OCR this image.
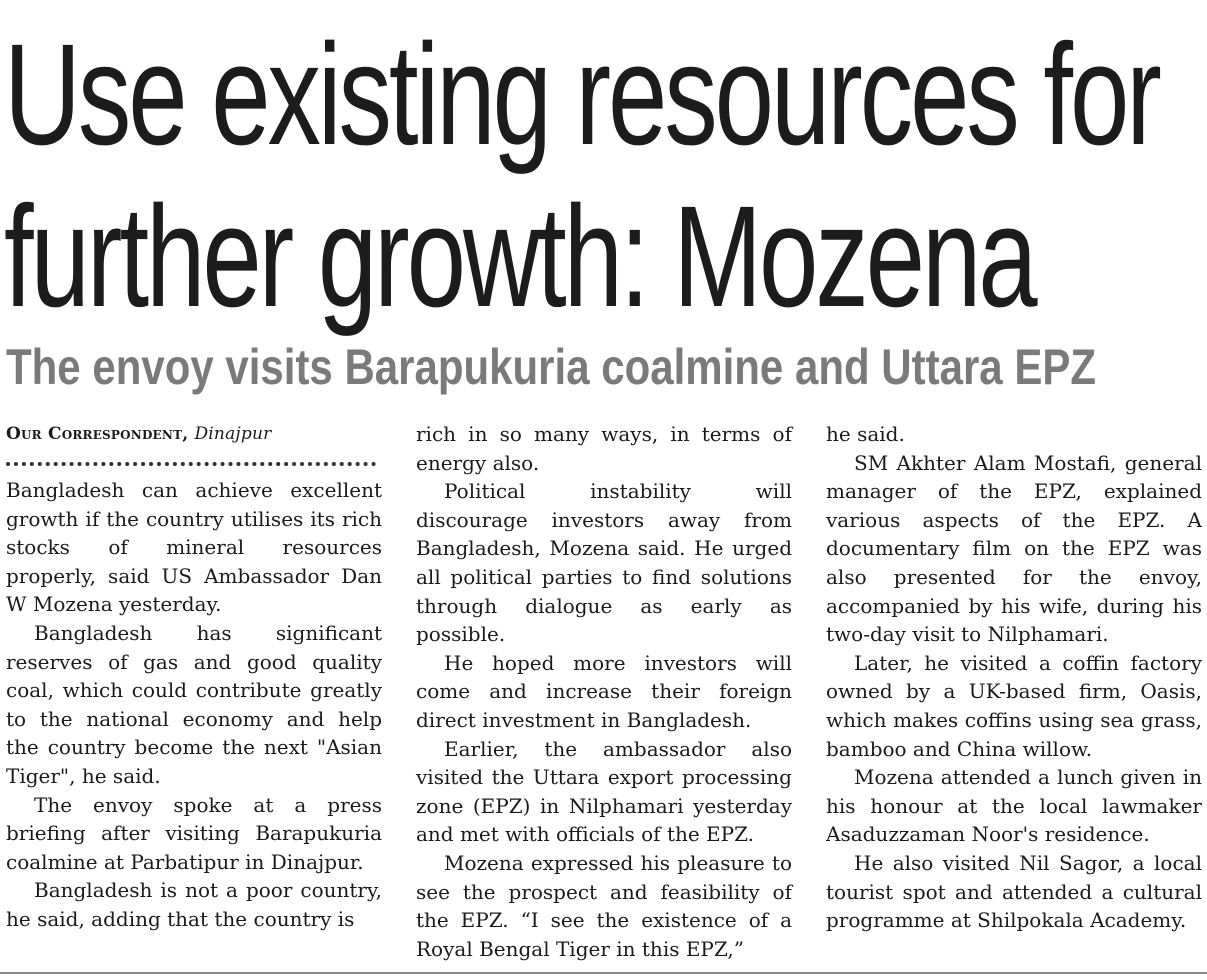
Use existing resources for
further growth: Mozena
The envoy visits Barapukuria coalmine and Uttara EPZ
Our Correspondent, Dinajpur

Bangladesh can achieve excellent growth if the country utilises its rich stocks of mineral resources properly, said US Ambassador Dan W Mozena yesterday.

Bangladesh has significant reserves of gas and good quality coal, which could contribute greatly to the national economy and help the country become the next "Asian Tiger", he said.

The envoy spoke at a press briefing after visiting Barapukuria coalmine at Parbatipur in Dinajpur.

Bangladesh is not a poor country, he said, adding that the country is

rich in so many ways, in terms of energy also.

Political instability will discourage investors away from Bangladesh, Mozena said. He urged all political parties to find solutions through dialogue as early as possible.

He hoped more investors will come and increase their foreign direct investment in Bangladesh.

Earlier, the ambassador also visited the Uttara export processing zone (EPZ) in Nilphamari yesterday and met with officials of the EPZ.

Mozena expressed his pleasure to see the prospect and feasibility of the EPZ. “I see the existence of a Royal Bengal Tiger in this EPZ,”

he said.

SM Akhter Alam Mostafi, general manager of the EPZ, explained various aspects of the EPZ. A documentary film on the EPZ was also presented for the envoy, accompanied by his wife, during his two-day visit to Nilphamari.

Later, he visited a coffin factory owned by a UK-based firm, Oasis, which makes coffins using sea grass, bamboo and China willow.

Mozena attended a lunch given in his honour at the local lawmaker Asaduzzaman Noor's residence.

He also visited Nil Sagor, a local tourist spot and attended a cultural programme at Shilpokala Academy.
